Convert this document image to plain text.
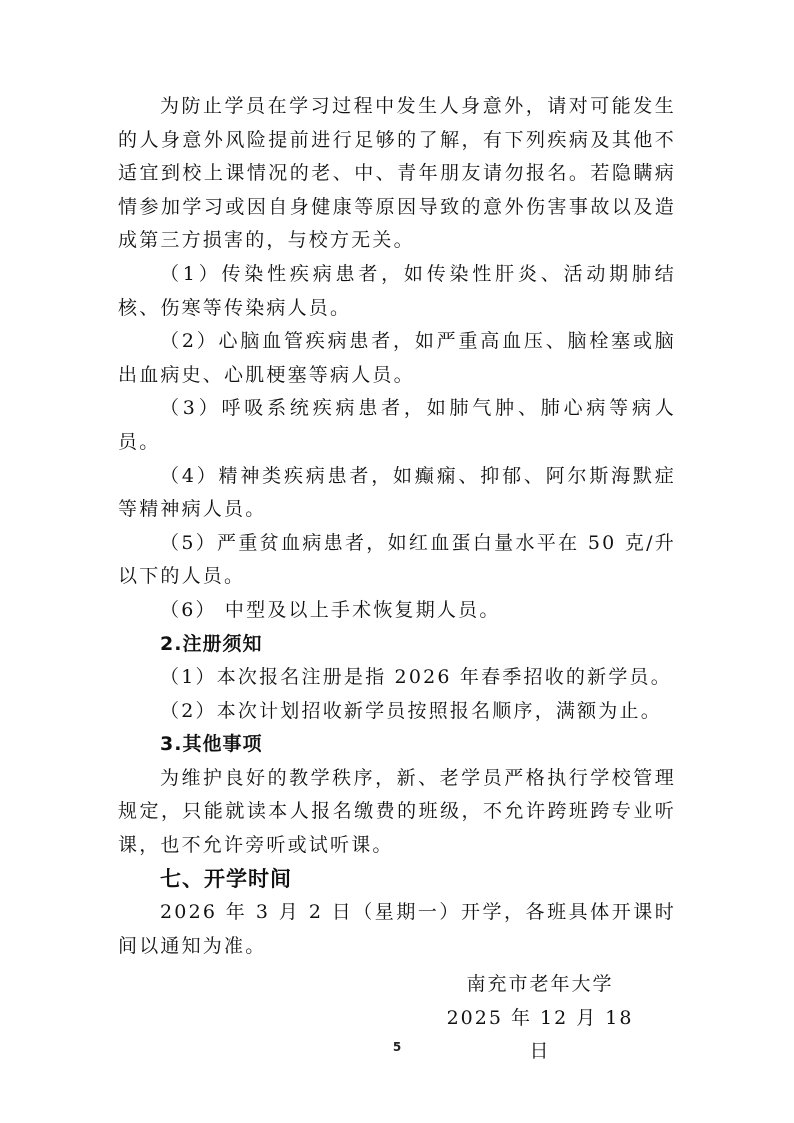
为防止学员在学习过程中发生人身意外，请对可能发生的人身意外风险提前进行足够的了解，有下列疾病及其他不适宜到校上课情况的老、中、青年朋友请勿报名。若隐瞒病情参加学习或因自身健康等原因导致的意外伤害事故以及造成第三方损害的，与校方无关。

（1）传染性疾病患者，如传染性肝炎、活动期肺结核、伤寒等传染病人员。

（2）心脑血管疾病患者，如严重高血压、脑栓塞或脑出血病史、心肌梗塞等病人员。

（3）呼吸系统疾病患者，如肺气肿、肺心病等病人员。

（4）精神类疾病患者，如癫痫、抑郁、阿尔斯海默症等精神病人员。

（5）严重贫血病患者，如红血蛋白量水平在 50 克/升以下的人员。

（6） 中型及以上手术恢复期人员。

2.注册须知

（1）本次报名注册是指 2026 年春季招收的新学员。

（2）本次计划招收新学员按照报名顺序，满额为止。

3.其他事项

为维护良好的教学秩序，新、老学员严格执行学校管理规定，只能就读本人报名缴费的班级，不允许跨班跨专业听课，也不允许旁听或试听课。

七、开学时间

2026 年 3 月 2 日（星期一）开学，各班具体开课时间以通知为准。

南充市老年大学
2025 年 12 月 18 日
5
